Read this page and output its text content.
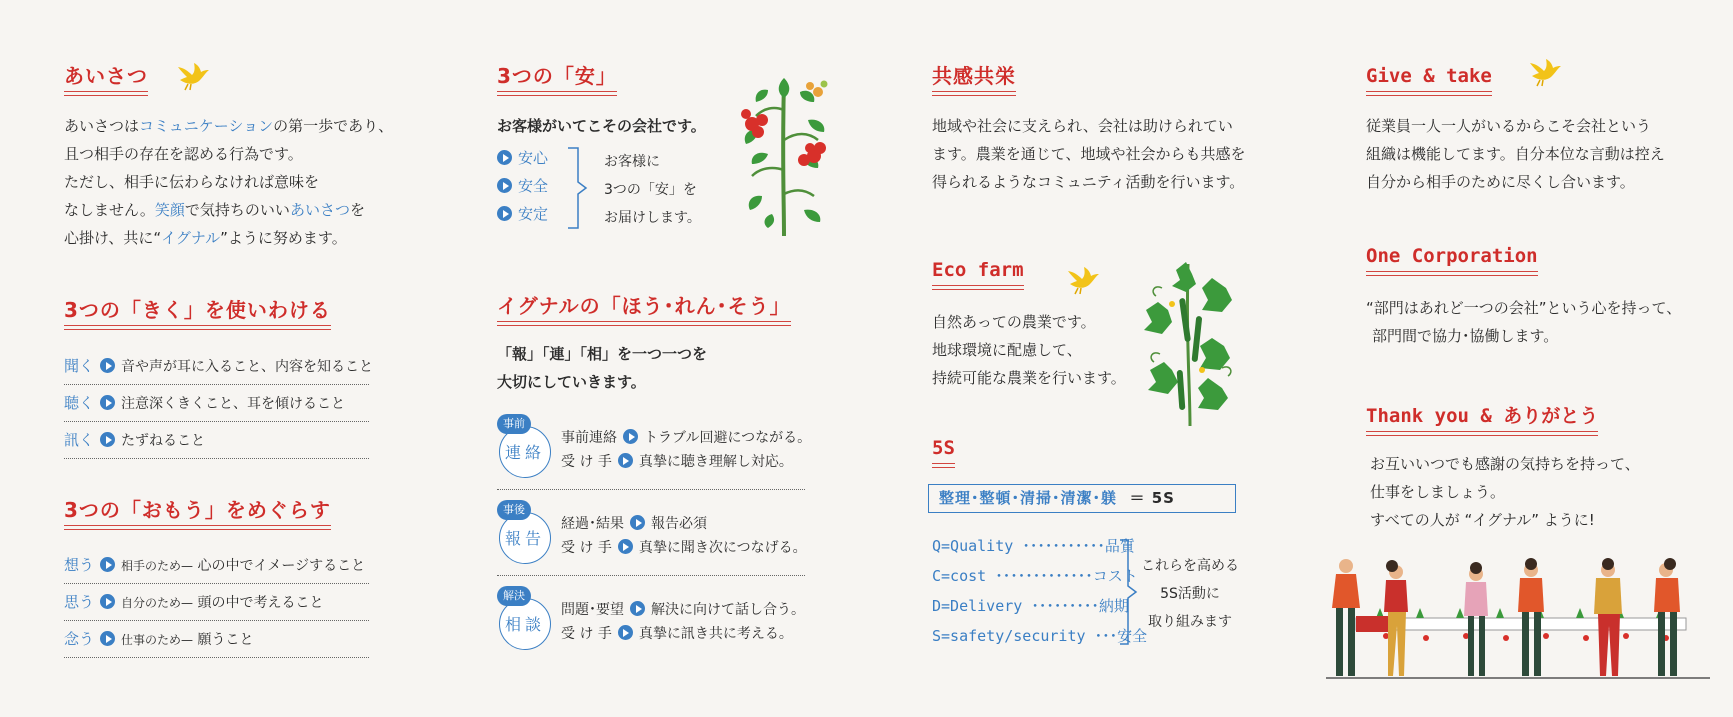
あいさつ
あいさつはコミュニケーションの第一歩であり、
且つ相手の存在を認める行為です。
ただし、相手に伝わらなければ意味を
なしません。笑顔で気持ちのいいあいさつを
心掛け、共に“イグナル”ように努めます。
3つの「きく」を使いわける
聞く 音や声が耳に入ること、内容を知ること
聴く 注意深くきくこと、耳を傾けること
訊く たずねること
3つの「おもう」をめぐらす
想う 相手のため— 心の中でイメージすること
思う 自分のため— 頭の中で考えること
念う 仕事のため— 願うこと
3つの「安」
お客様がいてこその会社です。
安心
安全
安定
お客様に
3つの「安」を
お届けします。
イグナルの「ほう･れん･そう」
「報」「連」「相」を一つ一つを
大切にしていきます。
連絡
事前
事前連絡 トラブル回避につながる。
受 け 手 真摯に聴き理解し対応。
報告
事後
経過･結果 報告必須
受 け 手 真摯に聞き次につなげる。
相談
解決
問題･要望 解決に向けて話し合う。
受 け 手 真摯に訊き共に考える。
共感共栄
地域や社会に支えられ、会社は助けられてい
ます。農業を通じて、地域や社会からも共感を
得られるようなコミュニティ活動を行います。
Eco farm
自然あっての農業です。
地球環境に配慮して、
持続可能な農業を行います。
5S
整理･整頓･清掃･清潔･躾 ＝ 5S
Q=Quality ･･･････････品質
C=cost ･････････････コスト
D=Delivery ･････････納期
S=safety/security ･･･安全
これらを高める
5S活動に
取り組みます
Give & take
従業員一人一人がいるからこそ会社という
組織は機能してます。自分本位な言動は控え
自分から相手のために尽くし合います。
One Corporation
“部門はあれど一つの会社”という心を持って、
部門間で協力･協働します。
Thank you & ありがとう
お互いいつでも感謝の気持ちを持って、
仕事をしましょう。
すべての人が “イグナル” ように!
